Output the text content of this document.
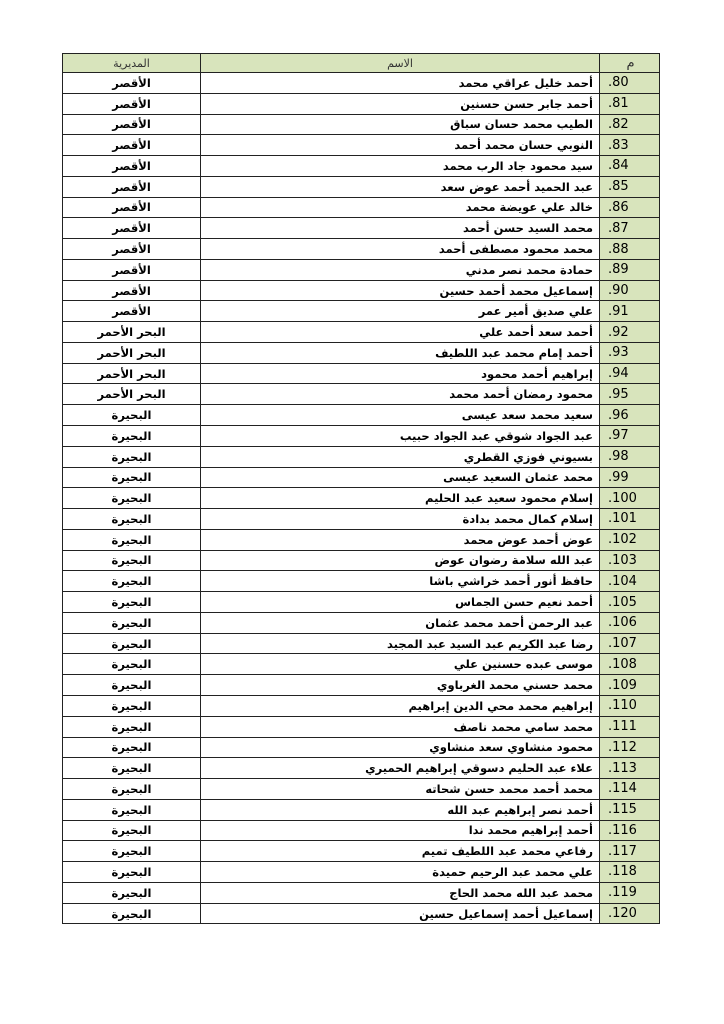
م	الاسم	المديرية
.80	أحمد خليل عراقي محمد	الأقصر
.81	أحمد جابر حسن حسنين	الأقصر
.82	الطيب محمد حسان سباق	الأقصر
.83	النوبي حسان محمد أحمد	الأقصر
.84	سيد محمود جاد الرب محمد	الأقصر
.85	عبد الحميد أحمد عوض سعد	الأقصر
.86	خالد علي عويضة محمد	الأقصر
.87	محمد السيد حسن أحمد	الأقصر
.88	محمد محمود مصطفى أحمد	الأقصر
.89	حمادة محمد نصر مدني	الأقصر
.90	إسماعيل محمد أحمد حسين	الأقصر
.91	علي صديق أمير عمر	الأقصر
.92	أحمد سعد أحمد علي	البحر الأحمر
.93	أحمد إمام محمد عبد اللطيف	البحر الأحمر
.94	إبراهيم أحمد محمود	البحر الأحمر
.95	محمود رمضان أحمد محمد	البحر الأحمر
.96	سعيد محمد سعد عيسى	البحيرة
.97	عبد الجواد شوقي عبد الجواد حبيب	البحيرة
.98	بسيوني فوزي القطري	البحيرة
.99	محمد عثمان السعيد عيسى	البحيرة
.100	إسلام محمود سعيد عبد الحليم	البحيرة
.101	إسلام كمال محمد بدادة	البحيرة
.102	عوض أحمد عوض محمد	البحيرة
.103	عبد الله سلامة رضوان عوض	البحيرة
.104	حافظ أنور أحمد خراشي باشا	البحيرة
.105	أحمد نعيم حسن الجماس	البحيرة
.106	عبد الرحمن أحمد محمد عثمان	البحيرة
.107	رضا عبد الكريم عبد السيد عبد المجيد	البحيرة
.108	موسى عبده حسنين علي	البحيرة
.109	محمد حسني محمد الغرباوي	البحيرة
.110	إبراهيم محمد محي الدين إبراهيم	البحيرة
.111	محمد سامي محمد ناصف	البحيرة
.112	محمود منشاوي سعد منشاوي	البحيرة
.113	علاء عبد الحليم دسوقي إبراهيم الحميري	البحيرة
.114	محمد أحمد محمد حسن شحاته	البحيرة
.115	أحمد نصر إبراهيم عبد الله	البحيرة
.116	أحمد إبراهيم محمد ندا	البحيرة
.117	رفاعي محمد عبد اللطيف تميم	البحيرة
.118	علي محمد عبد الرحيم حميدة	البحيرة
.119	محمد عبد الله محمد الحاج	البحيرة
.120	إسماعيل أحمد إسماعيل حسين	البحيرة
